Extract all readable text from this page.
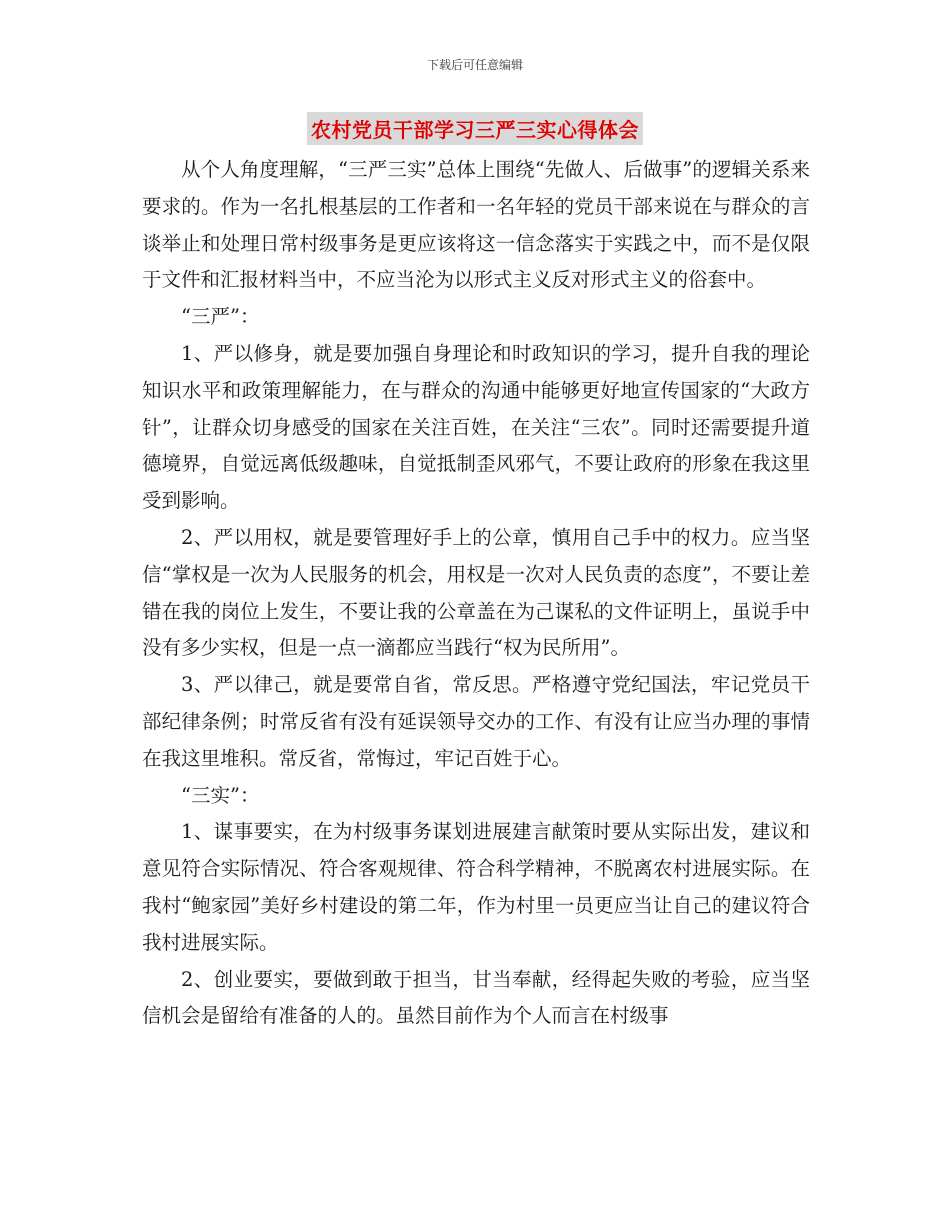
下载后可任意编辑
农村党员干部学习三严三实心得体会

从个人角度理解，“三严三实”总体上围绕“先做人、后做事”的逻辑关系来要求的。作为一名扎根基层的工作者和一名年轻的党员干部来说在与群众的言谈举止和处理日常村级事务是更应该将这一信念落实于实践之中，而不是仅限于文件和汇报材料当中，不应当沦为以形式主义反对形式主义的俗套中。

“三严”：

1、严以修身，就是要加强自身理论和时政知识的学习，提升自我的理论知识水平和政策理解能力，在与群众的沟通中能够更好地宣传国家的“大政方针”，让群众切身感受的国家在关注百姓，在关注“三农”。同时还需要提升道德境界，自觉远离低级趣味，自觉抵制歪风邪气，不要让政府的形象在我这里受到影响。

2、严以用权，就是要管理好手上的公章，慎用自己手中的权力。应当坚信“掌权是一次为人民服务的机会，用权是一次对人民负责的态度”，不要让差错在我的岗位上发生，不要让我的公章盖在为己谋私的文件证明上，虽说手中没有多少实权，但是一点一滴都应当践行“权为民所用”。

3、严以律己，就是要常自省，常反思。严格遵守党纪国法，牢记党员干部纪律条例；时常反省有没有延误领导交办的工作、有没有让应当办理的事情在我这里堆积。常反省，常悔过，牢记百姓于心。

“三实”：

1、谋事要实，在为村级事务谋划进展建言献策时要从实际出发，建议和意见符合实际情况、符合客观规律、符合科学精神，不脱离农村进展实际。在我村“鲍家园”美好乡村建设的第二年，作为村里一员更应当让自己的建议符合我村进展实际。

2、创业要实，要做到敢于担当，甘当奉献，经得起失败的考验，应当坚信机会是留给有准备的人的。虽然目前作为个人而言在村级事
